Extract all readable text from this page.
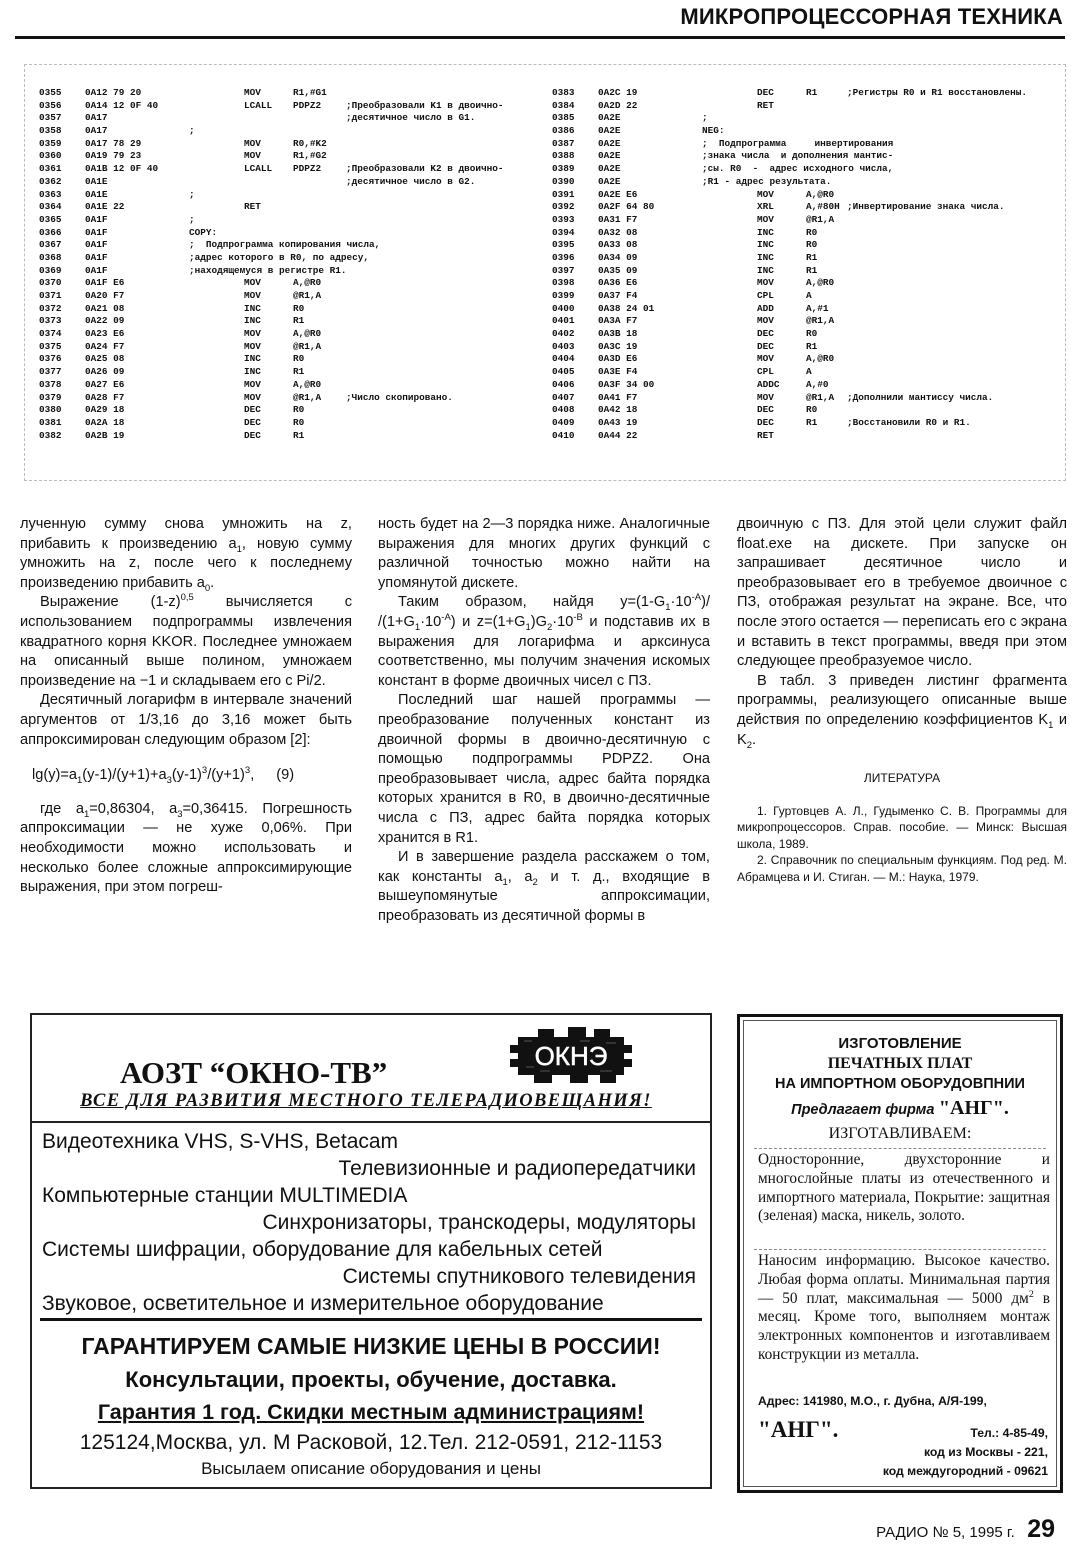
МИКРОПРОЦЕССОРНАЯ ТЕХНИКА
0355 0A12 79 20	MOV	R1,#G1
0356 0A14 12 0F 40	LCALL PDPZ2	;Преобразовали K1 в двоично-
0357 0A17	;десятичное число в G1.
0358 0A17	;
0359 0A17 78 29	MOV	R0,#K2
0360 0A19 79 23	MOV	R1,#G2
0361 0A1B 12 0F 40	LCALL PDPZ2	;Преобразовали K2 в двоично-
0362 0A1E	;десятичное число в G2.
0363 0A1E	;
0364 0A1E 22	RET
0365 0A1F	;
0366 0A1F	COPY:
0367 0A1F	;  Подпрограмма копирования числа,
0368 0A1F	;адрес которого в R0, по адресу,
0369 0A1F	;находящемуся в регистре R1.
0370 0A1F E6	MOV	A,@R0
0371 0A20 F7	MOV	@R1,A
0372 0A21 08	INC	R0
0373 0A22 09	INC	R1
0374 0A23 E6	MOV	A,@R0
0375 0A24 F7	MOV	@R1,A
0376 0A25 08	INC	R0
0377 0A26 09	INC	R1
0378 0A27 E6	MOV	A,@R0
0379 0A28 F7	MOV	@R1,A	;Число скопировано.
0380 0A29 18	DEC	R0
0381 0A2A 18	DEC	R0
0382 0A2B 19	DEC	R1
0383 0A2C 19	DEC	R1	;Регистры R0 и R1 восстановлены.
0384 0A2D 22	RET
0385 0A2E	;
0386 0A2E	NEG:
0387 0A2E	;  Подпрограмма     инвертирования
0388 0A2E	;знака числа  и дополнения мантис-
0389 0A2E	;сы. R0  -  адрес исходного числа,
0390 0A2E	;R1 - адрес результата.
0391 0A2E E6	MOV	A,@R0
0392 0A2F 64 80	XRL	A,#80H ;Инвертирование знака числа.
0393 0A31 F7	MOV	@R1,A
0394 0A32 08	INC	R0
0395 0A33 08	INC	R0
0396 0A34 09	INC	R1
0397 0A35 09	INC	R1
0398 0A36 E6	MOV	A,@R0
0399 0A37 F4	CPL	A
0400 0A38 24 01	ADD	A,#1
0401 0A3A F7	MOV	@R1,A
0402 0A3B 18	DEC	R0
0403 0A3C 19	DEC	R1
0404 0A3D E6	MOV	A,@R0
0405 0A3E F4	CPL	A
0406 0A3F 34 00	ADDC	A,#0
0407 0A41 F7	MOV	@R1,A ;Дополнили мантиссу числа.
0408 0A42 18	DEC	R0
0409 0A43 19	DEC	R1	;Восстановили R0 и R1.
0410 0A44 22	RET

лученную сумму снова умножить на z, прибавить к произведению $a_1$, новую сумму умножить на z, после чего к последнему произведению прибавить $a_0$.

Выражение $(1-z)^{0,5}$ вычисляется с использованием подпрограммы извлечения квадратного корня KKOR. Последнее умножаем на описанный выше полином, умножаем произведение на −1 и складываем его с Pi/2.

Десятичный логарифм в интервале значений аргументов от 1/3,16 до 3,16 может быть аппроксимирован следующим образом [2]:

$\lg(y)=a_1(y-1)/(y+1)+a_3(y-1)^3/(y+1)^3$, (9)

где $a_1=0,86304$, $a_3=0,36415$. Погрешность аппроксимации — не хуже 0,06%. При необходимости можно использовать и несколько более сложные аппроксимирующие выражения, при этом погреш-

ность будет на 2—3 порядка ниже. Аналогичные выражения для многих других функций с различной точностью можно найти на упомянутой дискете.

Таким образом, найдя $y=(1-G_1\cdot 10^{-A})/$ $/(1+G_1\cdot 10^{-A})$ и $z=(1+G_1)G_2\cdot 10^{-B}$ и подставив их в выражения для логарифма и арксинуса соответственно, мы получим значения искомых констант в форме двоичных чисел с ПЗ.

Последний шаг нашей программы — преобразование полученных констант из двоичной формы в двоично-десятичную с помощью подпрограммы PDPZ2. Она преобразовывает числа, адрес байта порядка которых хранится в R0, в двоично-десятичные числа с ПЗ, адрес байта порядка которых хранится в R1.

И в завершение раздела расскажем о том, как константы $a_1$, $a_2$ и т. д., входящие в вышеупомянутые аппроксимации, преобразовать из десятичной формы в

двоичную с ПЗ. Для этой цели служит файл float.exe на дискете. При запуске он запрашивает десятичное число и преобразовывает его в требуемое двоичное с ПЗ, отображая результат на экране. Все, что после этого остается — переписать его с экрана и вставить в текст программы, введя при этом следующее преобразуемое число.

В табл. 3 приведен листинг фрагмента программы, реализующего описанные выше действия по определению коэффициентов $K_1$ и $K_2$.

ЛИТЕРАТУРА

1. Гуртовцев А. Л., Гудыменко С. В. Программы для микропроцессоров. Справ. пособие. — Минск: Высшая школа, 1989.

2. Справочник по специальным функциям. Под ред. М. Абрамцева и И. Стиган. — М.: Наука, 1979.

АОЗТ “ОКНО-ТВ”	ОКНЭ
ВСЕ ДЛЯ РАЗВИТИЯ МЕСТНОГО ТЕЛЕРАДИОВЕЩАНИЯ!
Видеотехника VHS, S-VHS, Betacam
Телевизионные и радиопередатчики
Компьютерные станции MULTIMEDIA
Синхронизаторы, транскодеры, модуляторы
Системы шифрации, оборудование для кабельных сетей
Системы спутникового телевидения
Звуковое, осветительное и измерительное оборудование
ГАРАНТИРУЕМ САМЫЕ НИЗКИЕ ЦЕНЫ В РОССИИ!
Консультации, проекты, обучение, доставка.
Гарантия 1 год. Скидки местным администрациям!
125124,Москва, ул. М Расковой, 12.Тел. 212-0591, 212-1153
Высылаем описание оборудования и цены
ИЗГОТОВЛЕНИЕ
ПЕЧАТНЫХ ПЛАТ
НА ИМПОРТНОМ ОБОРУДОВПНИИ
Предлагает фирма "АНГ".
ИЗГОТАВЛИВАЕМ:
Односторонние, двухсторонние и многослойные платы из отечественного и импортного материала, Покрытие: защитная (зеленая) маска, никель, золото.
Наносим информацию. Высокое качество. Любая форма оплаты. Минимальная партия — 50 плат, максимальная — 5000 $дм^2$ в месяц. Кроме того, выполняем монтаж электронных компонентов и изготавливаем конструкции из металла.
Адрес: 141980, М.О., г. Дубна, А/Я-199,
"АНГ".	Тел.: 4-85-49,
код из Москвы - 221,
код междугородний - 09621
РАДИО № 5, 1995 г. 29
